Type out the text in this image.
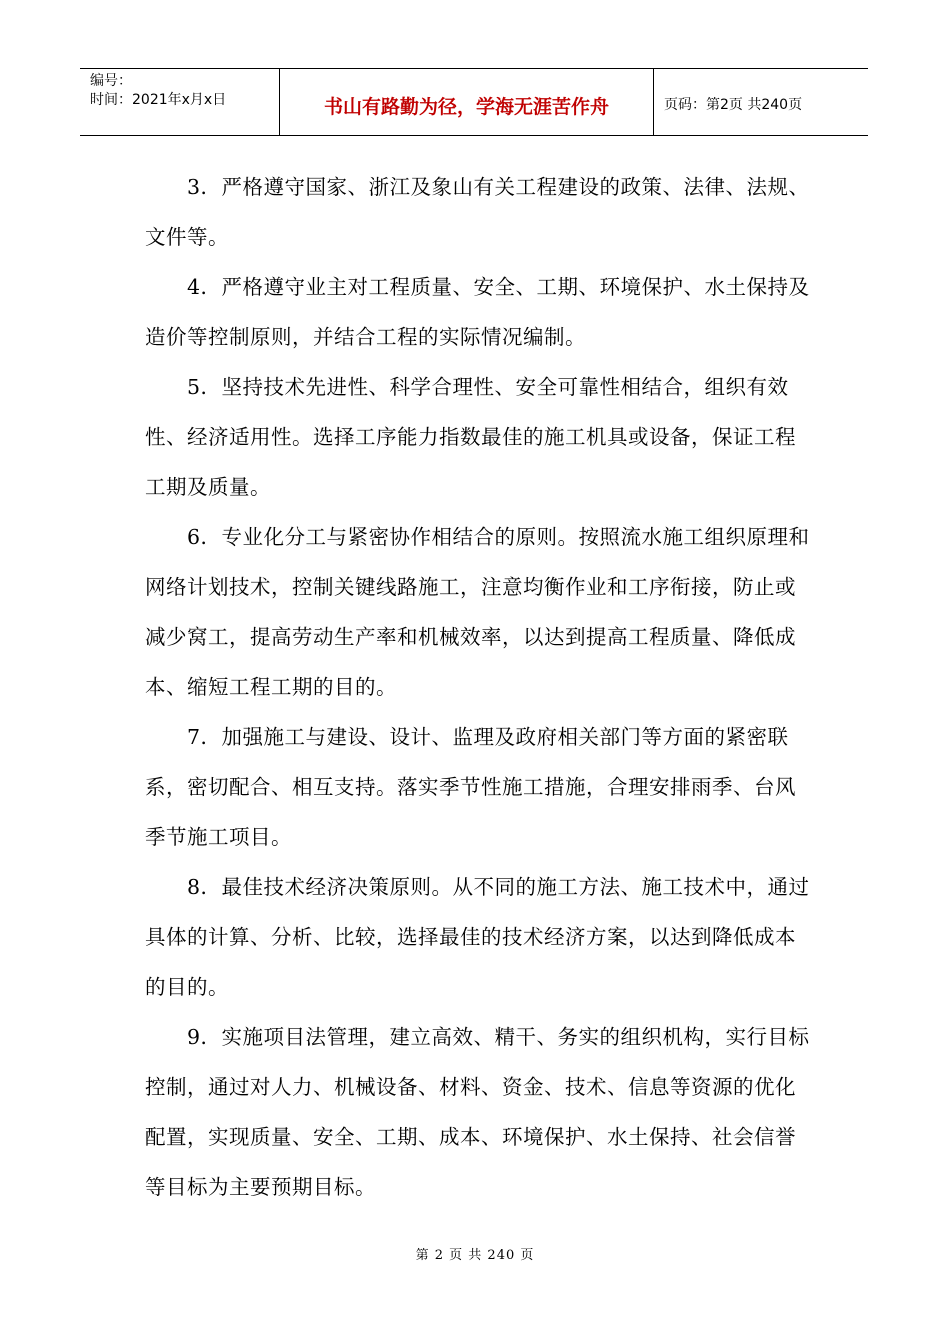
编号：
时间：2021年x月x日	书山有路勤为径，学海无涯苦作舟	页码：第2页 共240页

3．严格遵守国家、浙江及象山有关工程建设的政策、法律、法规、文件等。

4．严格遵守业主对工程质量、安全、工期、环境保护、水土保持及造价等控制原则，并结合工程的实际情况编制。

5．坚持技术先进性、科学合理性、安全可靠性相结合，组织有效性、经济适用性。选择工序能力指数最佳的施工机具或设备，保证工程工期及质量。

6．专业化分工与紧密协作相结合的原则。按照流水施工组织原理和网络计划技术，控制关键线路施工，注意均衡作业和工序衔接，防止或减少窝工，提高劳动生产率和机械效率，以达到提高工程质量、降低成本、缩短工程工期的目的。

7．加强施工与建设、设计、监理及政府相关部门等方面的紧密联系，密切配合、相互支持。落实季节性施工措施，合理安排雨季、台风季节施工项目。

8．最佳技术经济决策原则。从不同的施工方法、施工技术中，通过具体的计算、分析、比较，选择最佳的技术经济方案，以达到降低成本的目的。

9．实施项目法管理，建立高效、精干、务实的组织机构，实行目标控制，通过对人力、机械设备、材料、资金、技术、信息等资源的优化配置，实现质量、安全、工期、成本、环境保护、水土保持、社会信誉等目标为主要预期目标。

第 2 页 共 240 页
